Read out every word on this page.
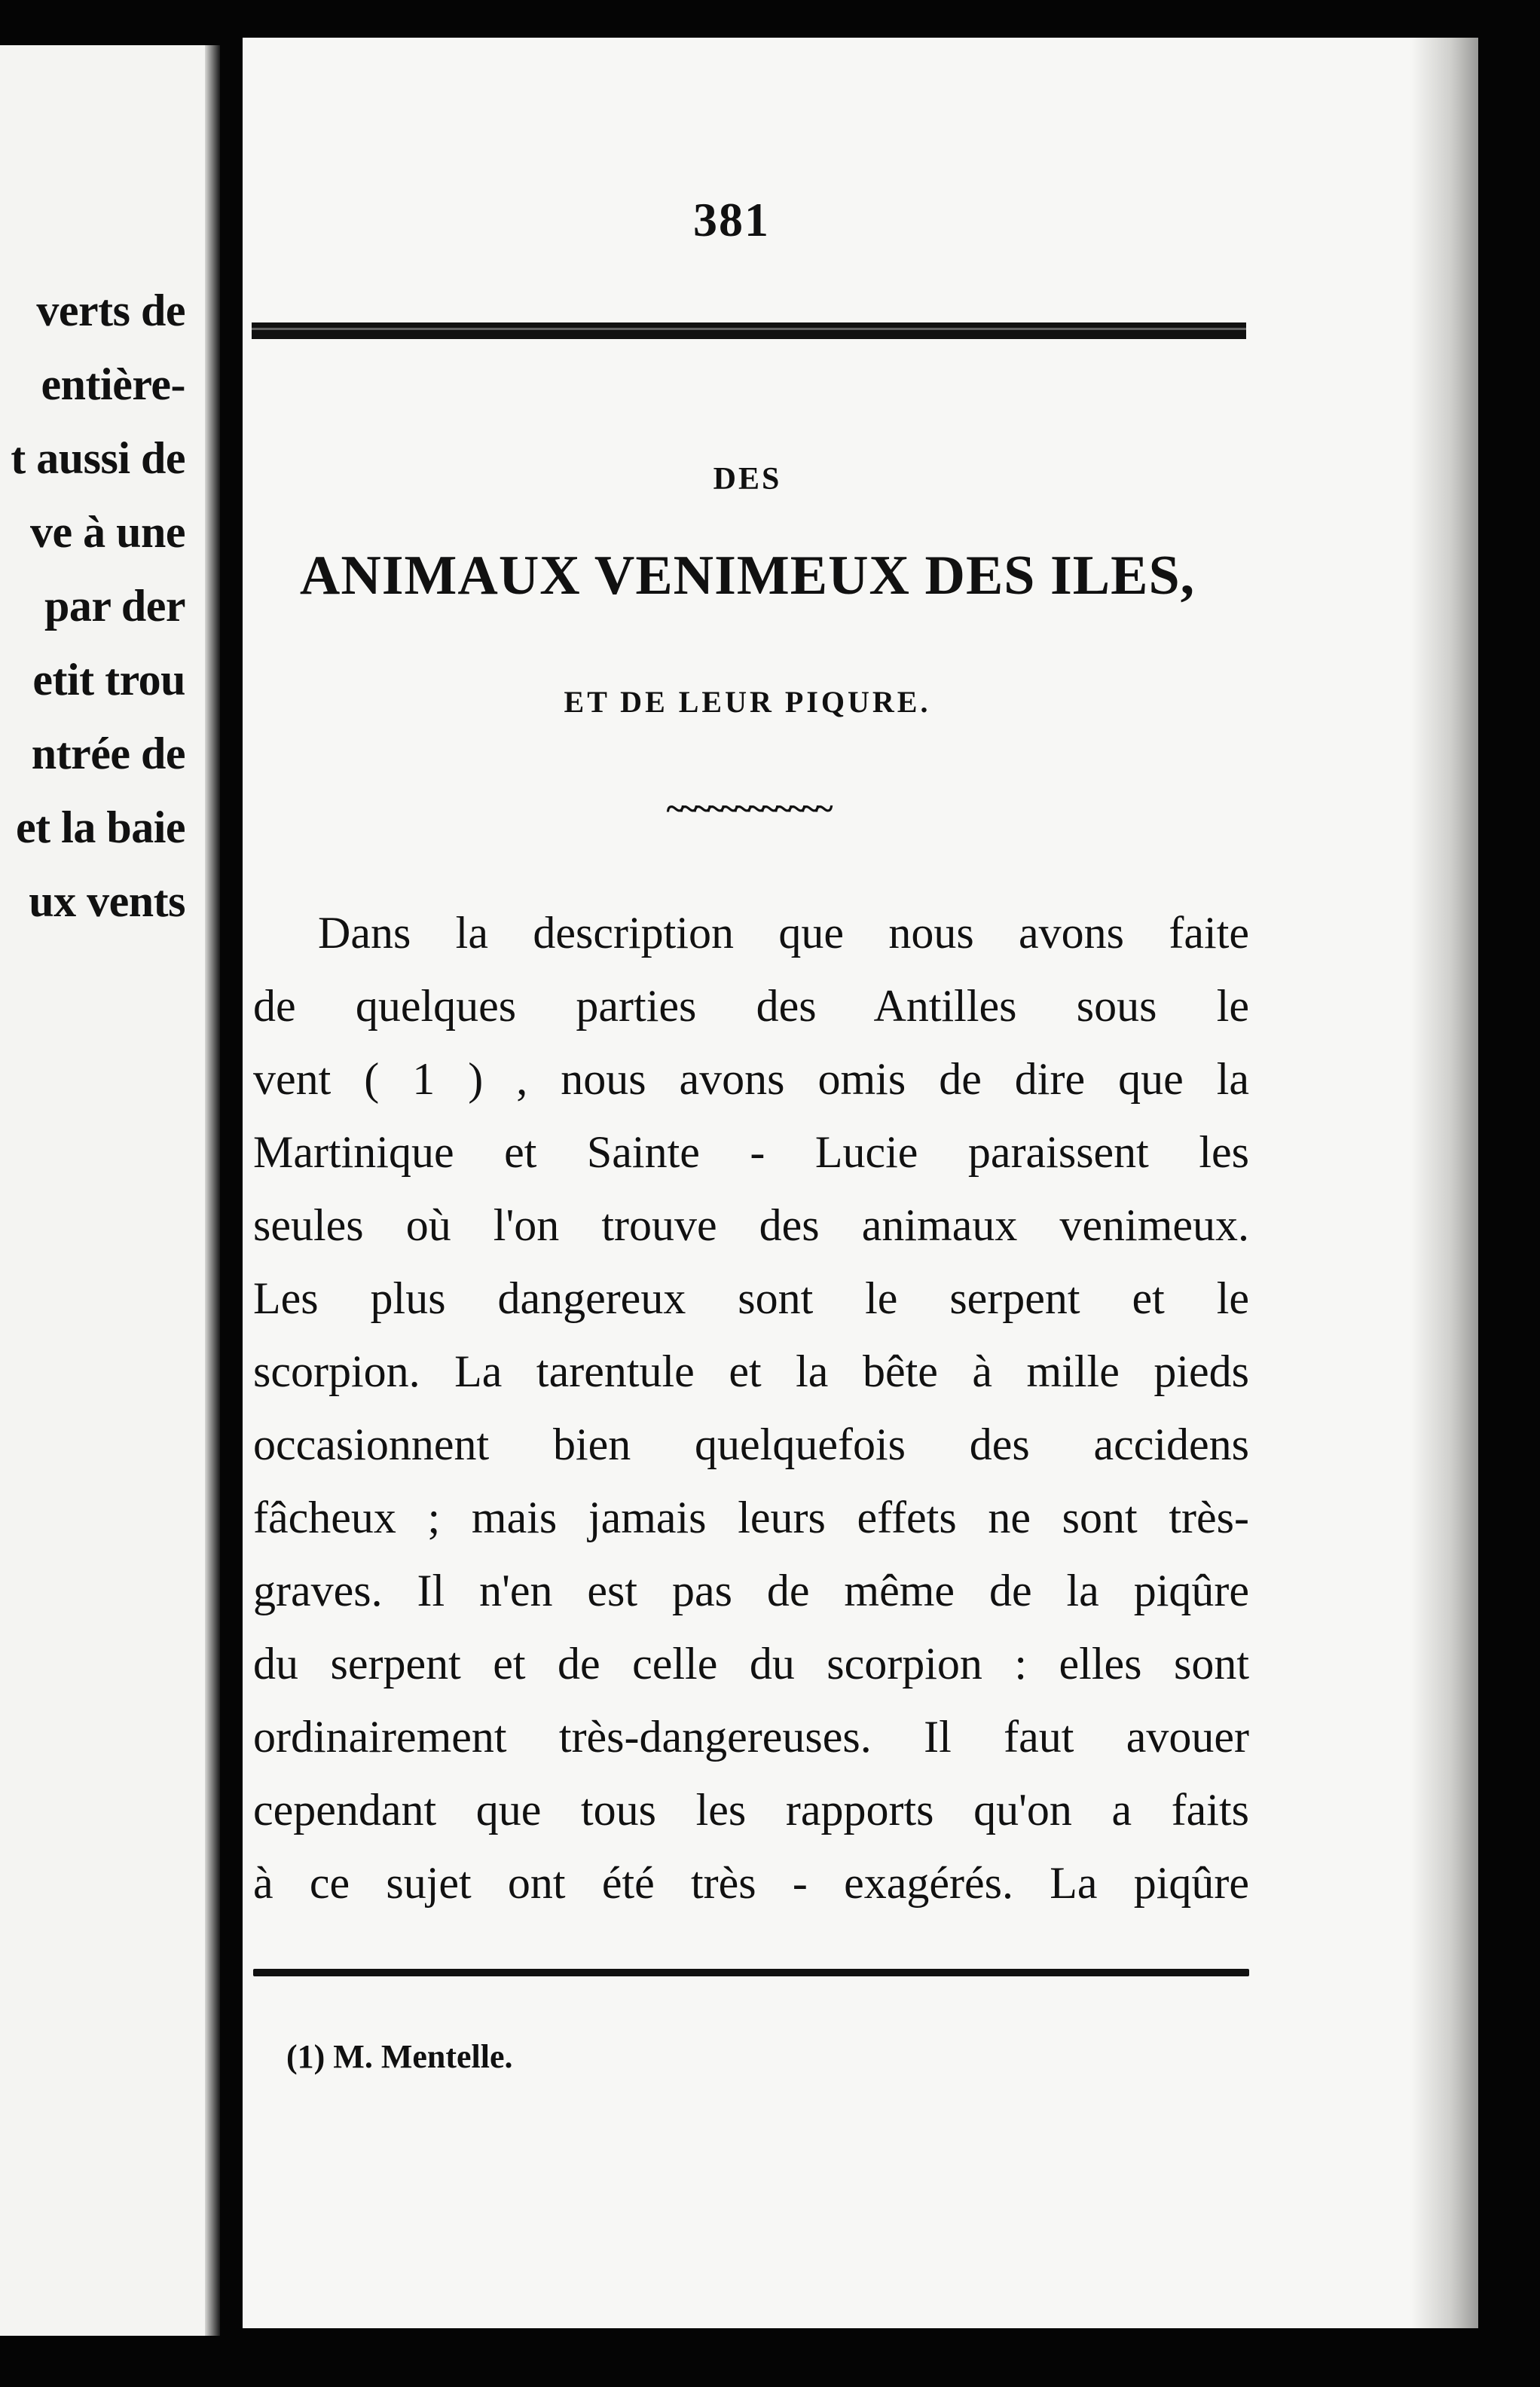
verts de
entière-
t aussi de
ve à une
par der
etit trou
ntrée de
et la baie
ux vents
381
DES
ANIMAUX VENIMEUX DES ILES,
ET DE LEUR PIQURE.
~~~~~~~~~~~~
Dans la description que nous avons faite
de quelques parties des Antilles sous le
vent ( 1 ) , nous avons omis de dire que la
Martinique et Sainte - Lucie paraissent les
seules où l'on trouve des animaux venimeux.
Les plus dangereux sont le serpent et le
scorpion. La tarentule et la bête à mille pieds
occasionnent bien quelquefois des accidens
fâcheux ; mais jamais leurs effets ne sont très-
graves. Il n'en est pas de même de la piqûre
du serpent et de celle du scorpion : elles sont
ordinairement très-dangereuses. Il faut avouer
cependant que tous les rapports qu'on a faits
à ce sujet ont été très - exagérés. La piqûre
(1) M. Mentelle.
